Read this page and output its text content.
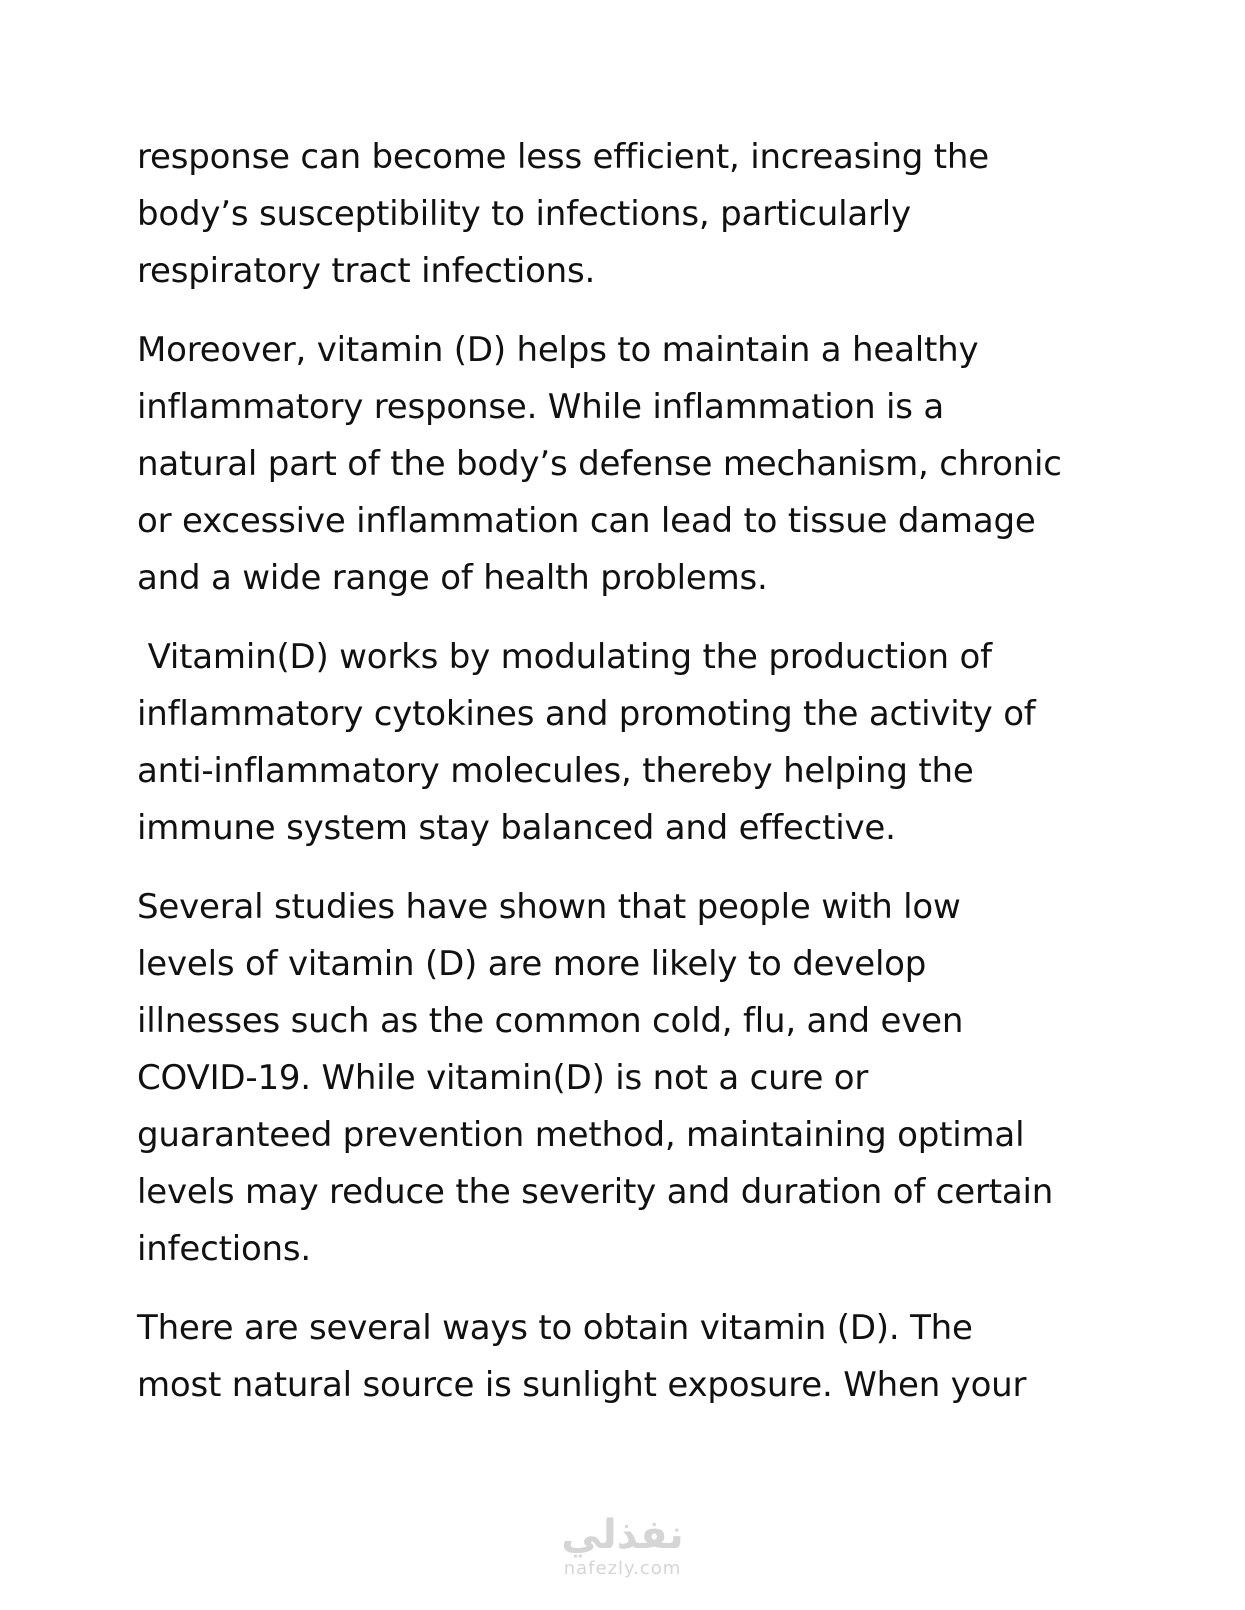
response can become less efficient, increasing the
body’s susceptibility to infections, particularly
respiratory tract infections.

Moreover, vitamin (D) helps to maintain a healthy
inflammatory response. While inflammation is a
natural part of the body’s defense mechanism, chronic
or excessive inflammation can lead to tissue damage
and a wide range of health problems.

Vitamin(D) works by modulating the production of
inflammatory cytokines and promoting the activity of
anti-inflammatory molecules, thereby helping the
immune system stay balanced and effective.

Several studies have shown that people with low
levels of vitamin (D) are more likely to develop
illnesses such as the common cold, flu, and even
COVID-19. While vitamin(D) is not a cure or
guaranteed prevention method, maintaining optimal
levels may reduce the severity and duration of certain
infections.

There are several ways to obtain vitamin (D). The
most natural source is sunlight exposure. When your

نفذلي
nafezly.com
